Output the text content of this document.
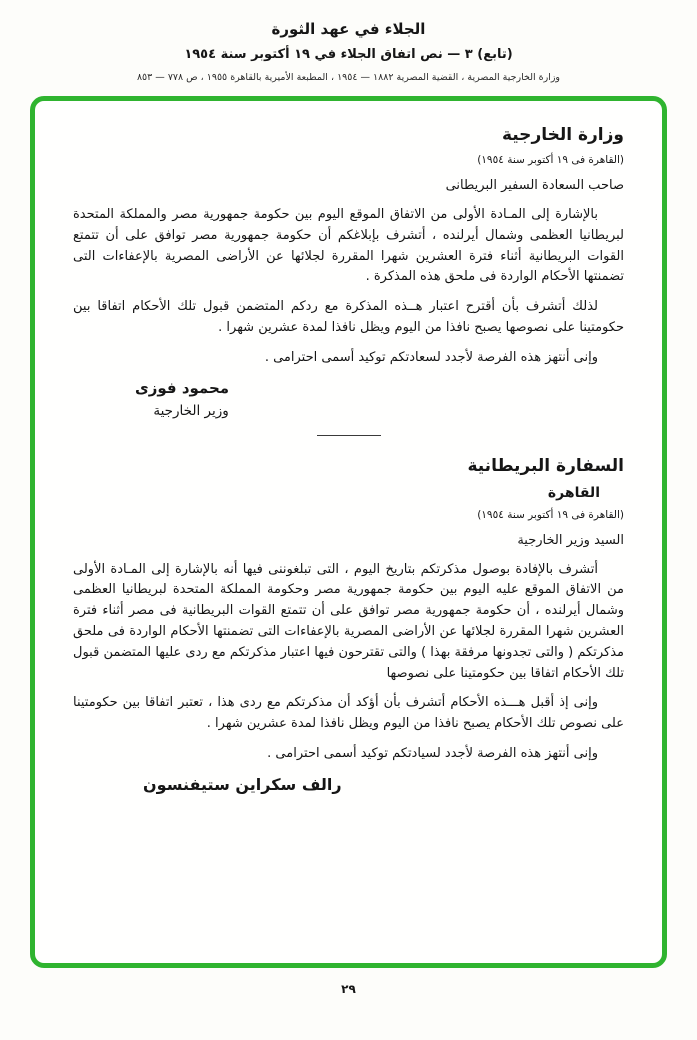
الجلاء في عهد الثورة
(تابع) ٣ — نص اتفاق الجلاء في ١٩ أكتوبر سنة ١٩٥٤
وزارة الخارجية المصرية ، القضية المصرية ١٨٨٢ — ١٩٥٤ ، المطبعة الأميرية بالقاهرة ١٩٥٥ ، ص ٧٧٨ — ٨٥٣
وزارة الخارجية
(القاهرة فى ١٩ أكتوبر سنة ١٩٥٤)
صاحب السعادة السفير البريطانى

بالإشارة إلى المـادة الأولى من الاتفاق الموقع اليوم بين حكومة جمهورية مصر والمملكة المتحدة لبريطانيا العظمى وشمال أيرلنده ، أتشرف بإبلاغكم أن حكومة جمهورية مصر توافق على أن تتمتع القوات البريطانية أثناء فترة العشرين شهرا المقررة لجلائها عن الأراضى المصرية بالإعفاءات التى تضمنتها الأحكام الواردة فى ملحق هذه المذكرة .

لذلك أتشرف بأن أقترح اعتبار هــذه المذكرة مع ردكم المتضمن قبول تلك الأحكام اتفاقا بين حكومتينا على نصوصها يصبح نافذا من اليوم ويظل نافذا لمدة عشرين شهرا .

وإنى أنتهز هذه الفرصة لأجدد لسعادتكم توكيد أسمى احترامى .

محمود فوزى
وزير الخارجية
السفارة البريطانية
القاهرة
(القاهرة فى ١٩ أكتوبر سنة ١٩٥٤)
السيد وزير الخارجية

أتشرف بالإفادة بوصول مذكرتكم بتاريخ اليوم ، التى تبلغوننى فيها أنه بالإشارة إلى المـادة الأولى من الاتفاق الموقع عليه اليوم بين حكومة جمهورية مصر وحكومة المملكة المتحدة لبريطانيا العظمى وشمال أيرلنده ، أن حكومة جمهورية مصر توافق على أن تتمتع القوات البريطانية فى مصر أثناء فترة العشرين شهرا المقررة لجلائها عن الأراضى المصرية بالإعفاءات التى تضمنتها الأحكام الواردة فى ملحق مذكرتكم ( والتى تجدونها مرفقة بهذا ) والتى تقترحون فيها اعتبار مذكرتكم مع ردى عليها المتضمن قبول تلك الأحكام اتفاقا بين حكومتينا على نصوصها

وإنى إذ أقبل هـــذه الأحكام أتشرف بأن أؤكد أن مذكرتكم مع ردى هذا ، تعتبر اتفاقا بين حكومتينا على نصوص تلك الأحكام يصبح نافذا من اليوم ويظل نافذا لمدة عشرين شهرا .

وإنى أنتهز هذه الفرصة لأجدد لسيادتكم توكيد أسمى احترامى .

رالف سكراين ستيفنسون
٢٩
